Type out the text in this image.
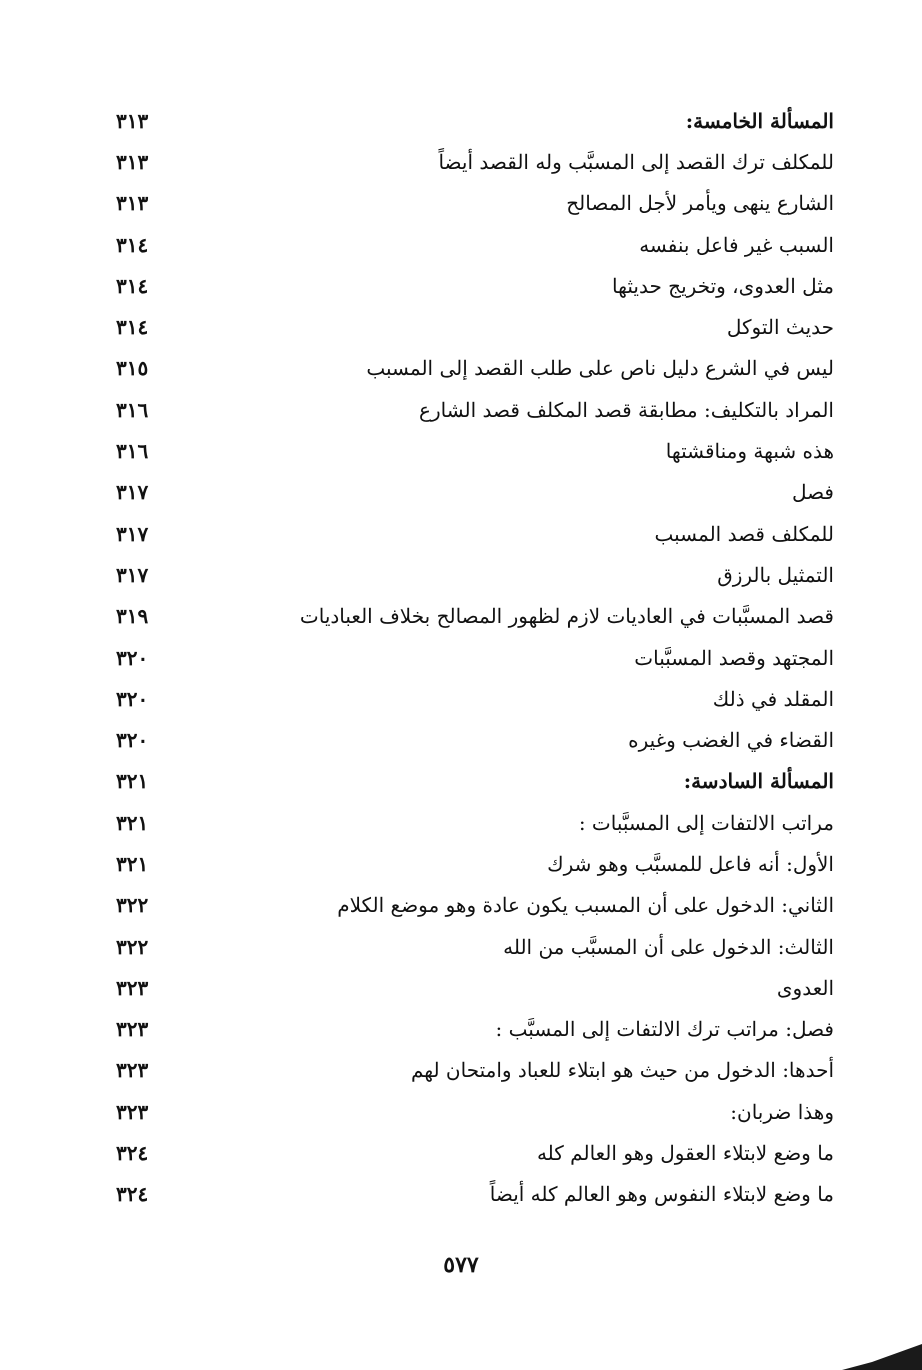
المسألة الخامسة:
٣١٣
للمكلف ترك القصد إلى المسبَّب وله القصد أيضاً
٣١٣
الشارع ينهى ويأمر لأجل المصالح
٣١٣
السبب غير فاعل بنفسه
٣١٤
مثل العدوى، وتخريج حديثها
٣١٤
حديث التوكل
٣١٤
ليس في الشرع دليل ناص على طلب القصد إلى المسبب
٣١٥
المراد بالتكليف: مطابقة قصد المكلف قصد الشارع
٣١٦
هذه شبهة ومناقشتها
٣١٦
فصل
٣١٧
للمكلف قصد المسبب
٣١٧
التمثيل بالرزق
٣١٧
قصد المسبَّبات في العاديات لازم لظهور المصالح بخلاف العباديات
٣١٩
المجتهد وقصد المسبَّبات
٣٢٠
المقلد في ذلك
٣٢٠
القضاء في الغضب وغيره
٣٢٠
المسألة السادسة:
٣٢١
مراتب الالتفات إلى المسبَّبات :
٣٢١
الأول: أنه فاعل للمسبَّب وهو شرك
٣٢١
الثاني: الدخول على أن المسبب يكون عادة وهو موضع الكلام
٣٢٢
الثالث: الدخول على أن المسبَّب من الله
٣٢٢
العدوى
٣٢٣
فصل: مراتب ترك الالتفات إلى المسبَّب :
٣٢٣
أحدها: الدخول من حيث هو ابتلاء للعباد وامتحان لهم
٣٢٣
وهذا ضربان:
٣٢٣
ما وضع لابتلاء العقول وهو العالم كله
٣٢٤
ما وضع لابتلاء النفوس وهو العالم كله أيضاً
٣٢٤
٥٧٧
